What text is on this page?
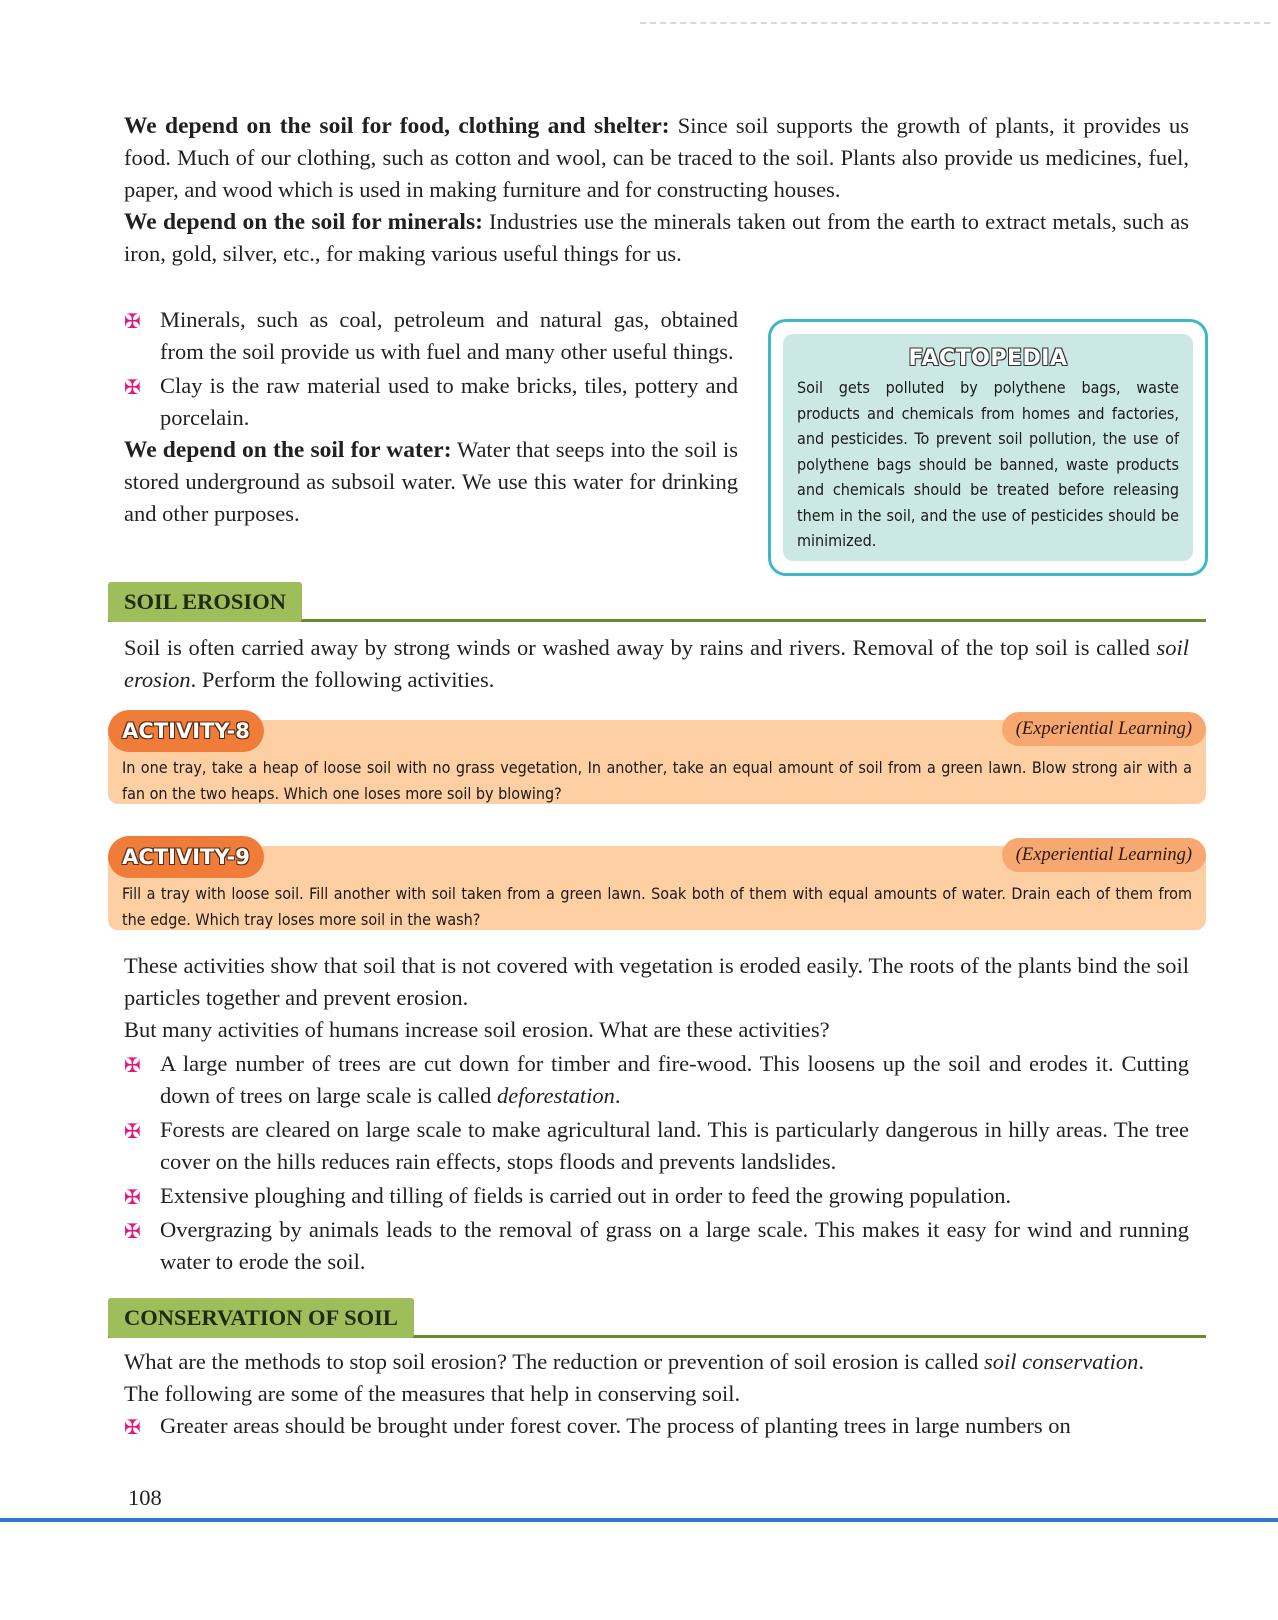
We depend on the soil for food, clothing and shelter: Since soil supports the growth of plants, it provides us food. Much of our clothing, such as cotton and wool, can be traced to the soil. Plants also provide us medicines, fuel, paper, and wood which is used in making furniture and for constructing houses.

We depend on the soil for minerals: Industries use the minerals taken out from the earth to extract metals, such as iron, gold, silver, etc., for making various useful things for us.

✠ Minerals, such as coal, petroleum and natural gas, obtained from the soil provide us with fuel and many other useful things.
✠ Clay is the raw material used to make bricks, tiles, pottery and porcelain.

We depend on the soil for water: Water that seeps into the soil is stored underground as subsoil water. We use this water for drinking and other purposes.

FACTOPEDIA
Soil gets polluted by polythene bags, waste products and chemicals from homes and factories, and pesticides. To prevent soil pollution, the use of polythene bags should be banned, waste products and chemicals should be treated before releasing them in the soil, and the use of pesticides should be minimized.
SOIL EROSION

Soil is often carried away by strong winds or washed away by rains and rivers. Removal of the top soil is called soil erosion. Perform the following activities.

ACTIVITY-8	(Experiential Learning)
In one tray, take a heap of loose soil with no grass vegetation, In another, take an equal amount of soil from a green lawn. Blow strong air with a fan on the two heaps. Which one loses more soil by blowing?
ACTIVITY-9	(Experiential Learning)
Fill a tray with loose soil. Fill another with soil taken from a green lawn. Soak both of them with equal amounts of water. Drain each of them from the edge. Which tray loses more soil in the wash?

These activities show that soil that is not covered with vegetation is eroded easily. The roots of the plants bind the soil particles together and prevent erosion.

But many activities of humans increase soil erosion. What are these activities?

✠ A large number of trees are cut down for timber and fire-wood. This loosens up the soil and erodes it. Cutting down of trees on large scale is called deforestation.
✠ Forests are cleared on large scale to make agricultural land. This is particularly dangerous in hilly areas. The tree cover on the hills reduces rain effects, stops floods and prevents landslides.
✠ Extensive ploughing and tilling of fields is carried out in order to feed the growing population.
✠ Overgrazing by animals leads to the removal of grass on a large scale. This makes it easy for wind and running water to erode the soil.
CONSERVATION OF SOIL

What are the methods to stop soil erosion? The reduction or prevention of soil erosion is called soil conservation.

The following are some of the measures that help in conserving soil.

✠ Greater areas should be brought under forest cover. The process of planting trees in large numbers on
108
